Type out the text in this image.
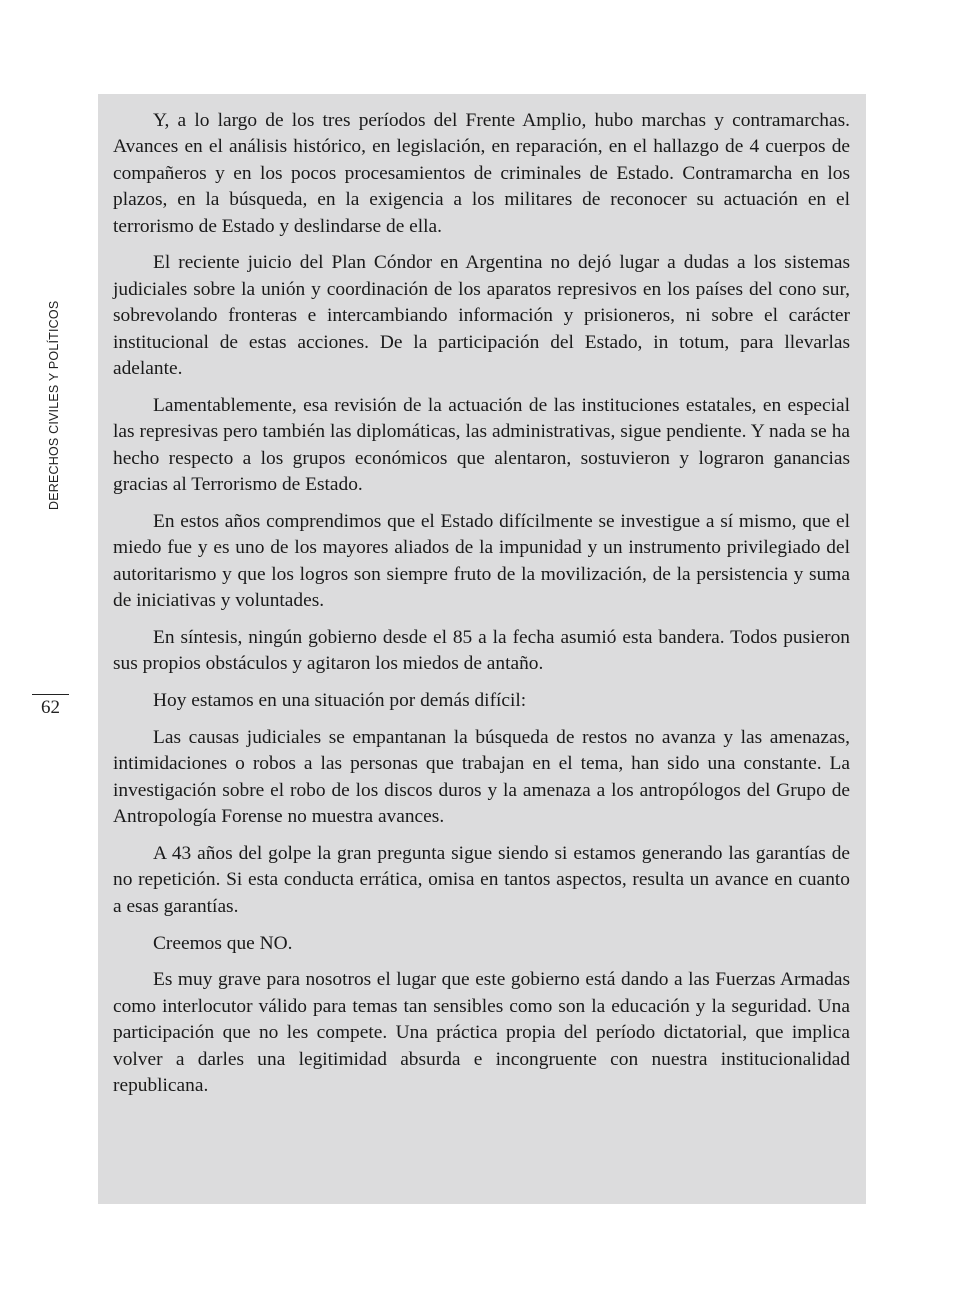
DERECHOS CIVILES Y POLÍTICOS
62

Y, a lo largo de los tres períodos del Frente Amplio, hubo marchas y contramarchas. Avances en el análisis histórico, en legislación, en reparación, en el hallazgo de 4 cuerpos de compañeros y en los pocos procesamientos de criminales de Estado. Contramarcha en los plazos, en la búsqueda, en la exigencia a los militares de reconocer su actuación en el terrorismo de Estado y deslindarse de ella.

El reciente juicio del Plan Cóndor en Argentina no dejó lugar a dudas a los sistemas judiciales sobre la unión y coordinación de los aparatos represivos en los países del cono sur, sobrevolando fronteras e intercambiando información y prisioneros, ni sobre el carácter institucional de estas acciones. De la participación del Estado, in totum, para llevarlas adelante.

Lamentablemente, esa revisión de la actuación de las instituciones estatales, en especial las represivas pero también las diplomáticas, las administrativas, sigue pendiente. Y nada se ha hecho respecto a los grupos económicos que alentaron, sostuvieron y lograron ganancias gracias al Terrorismo de Estado.

En estos años comprendimos que el Estado difícilmente se investigue a sí mismo, que el miedo fue y es uno de los mayores aliados de la impunidad y un instrumento privilegiado del autoritarismo y que los logros son siempre fruto de la movilización, de la persistencia y suma de iniciativas y voluntades.

En síntesis, ningún gobierno desde el 85 a la fecha asumió esta bandera. Todos pusieron sus propios obstáculos y agitaron los miedos de antaño.

Hoy estamos en una situación por demás difícil:

Las causas judiciales se empantanan la búsqueda de restos no avanza y las amenazas, intimidaciones o robos a las personas que trabajan en el tema, han sido una constante. La investigación sobre el robo de los discos duros y la amenaza a los antropólogos del Grupo de Antropología Forense no muestra avances.

A 43 años del golpe la gran pregunta sigue siendo si estamos generando las garantías de no repetición. Si esta conducta errática, omisa en tantos aspectos, resulta un avance en cuanto a esas garantías.

Creemos que NO.

Es muy grave para nosotros el lugar que este gobierno está dando a las Fuerzas Armadas como interlocutor válido para temas tan sensibles como son la educación y la seguridad. Una participación que no les compete. Una práctica propia del período dictatorial, que implica volver a darles una legitimidad absurda e incongruente con nuestra institucionalidad republicana.
